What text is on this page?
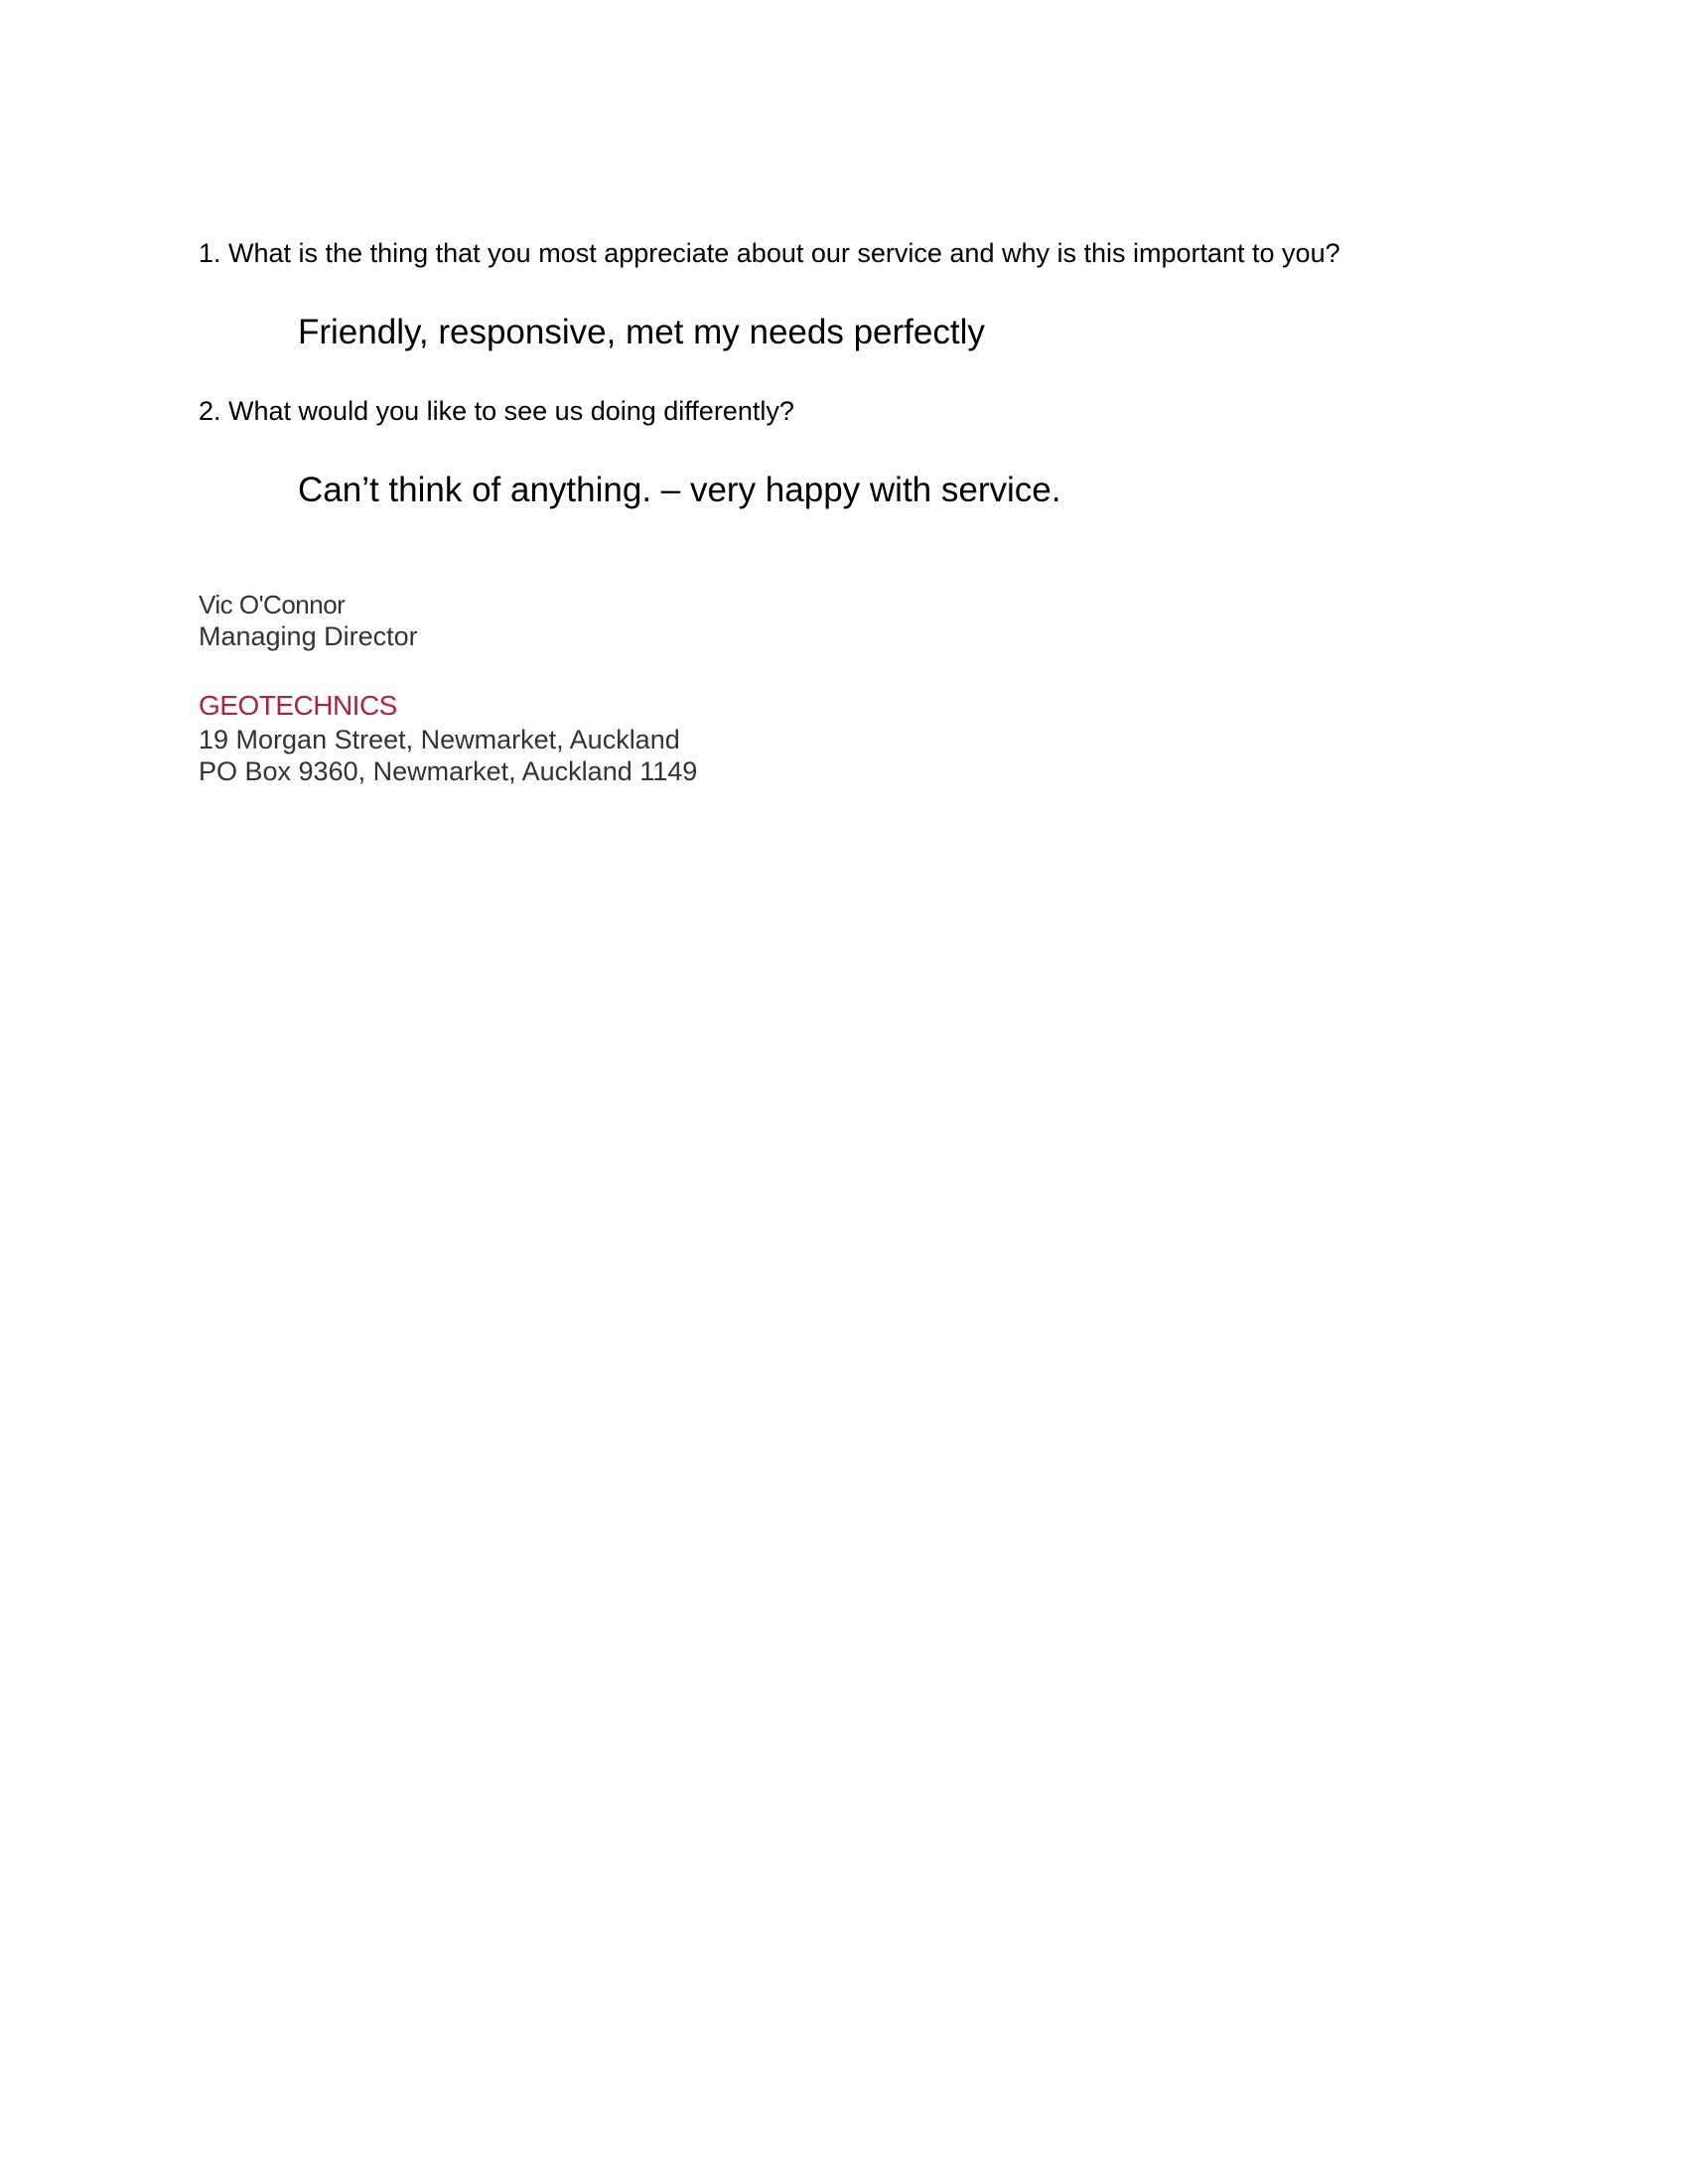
1. What is the thing that you most appreciate about our service and why is this important to you?
Friendly, responsive, met my needs perfectly
2. What would you like to see us doing differently?
Can’t think of anything. – very happy with service.
Vic O'Connor
Managing Director
GEOTECHNICS
19 Morgan Street, Newmarket, Auckland
PO Box 9360, Newmarket, Auckland 1149
